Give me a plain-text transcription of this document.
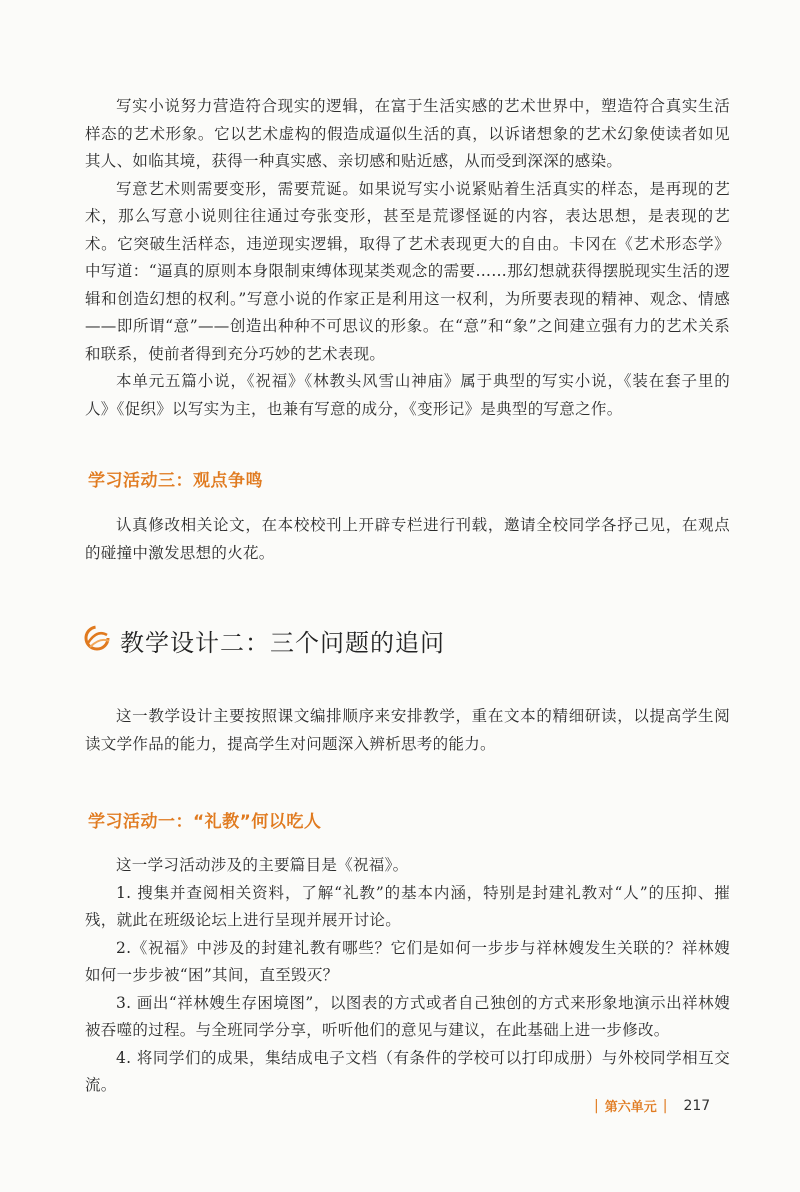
写实小说努力营造符合现实的逻辑，在富于生活实感的艺术世界中，塑造符合真实生活样态的艺术形象。它以艺术虚构的假造成逼似生活的真，以诉诸想象的艺术幻象使读者如见其人、如临其境，获得一种真实感、亲切感和贴近感，从而受到深深的感染。

写意艺术则需要变形，需要荒诞。如果说写实小说紧贴着生活真实的样态，是再现的艺术，那么写意小说则往往通过夸张变形，甚至是荒谬怪诞的内容，表达思想，是表现的艺术。它突破生活样态，违逆现实逻辑，取得了艺术表现更大的自由。卡冈在《艺术形态学》中写道：“逼真的原则本身限制束缚体现某类观念的需要……那幻想就获得摆脱现实生活的逻辑和创造幻想的权利。”写意小说的作家正是利用这一权利，为所要表现的精神、观念、情感——即所谓“意”——创造出种种不可思议的形象。在“意”和“象”之间建立强有力的艺术关系和联系，使前者得到充分巧妙的艺术表现。

本单元五篇小说，《祝福》《林教头风雪山神庙》属于典型的写实小说，《装在套子里的人》《促织》以写实为主，也兼有写意的成分，《变形记》是典型的写意之作。

学习活动三：观点争鸣

认真修改相关论文，在本校校刊上开辟专栏进行刊载，邀请全校同学各抒己见，在观点的碰撞中激发思想的火花。

教学设计二：三个问题的追问

这一教学设计主要按照课文编排顺序来安排教学，重在文本的精细研读，以提高学生阅读文学作品的能力，提高学生对问题深入辨析思考的能力。

学习活动一：“礼教”何以吃人

这一学习活动涉及的主要篇目是《祝福》。

1. 搜集并查阅相关资料，了解“礼教”的基本内涵，特别是封建礼教对“人”的压抑、摧残，就此在班级论坛上进行呈现并展开讨论。

2.《祝福》中涉及的封建礼教有哪些？它们是如何一步步与祥林嫂发生关联的？祥林嫂如何一步步被“困”其间，直至毁灭？

3. 画出“祥林嫂生存困境图”，以图表的方式或者自己独创的方式来形象地演示出祥林嫂被吞噬的过程。与全班同学分享，听听他们的意见与建议，在此基础上进一步修改。

4. 将同学们的成果，集结成电子文档（有条件的学校可以打印成册）与外校同学相互交流。

| 第六单元 | 217
